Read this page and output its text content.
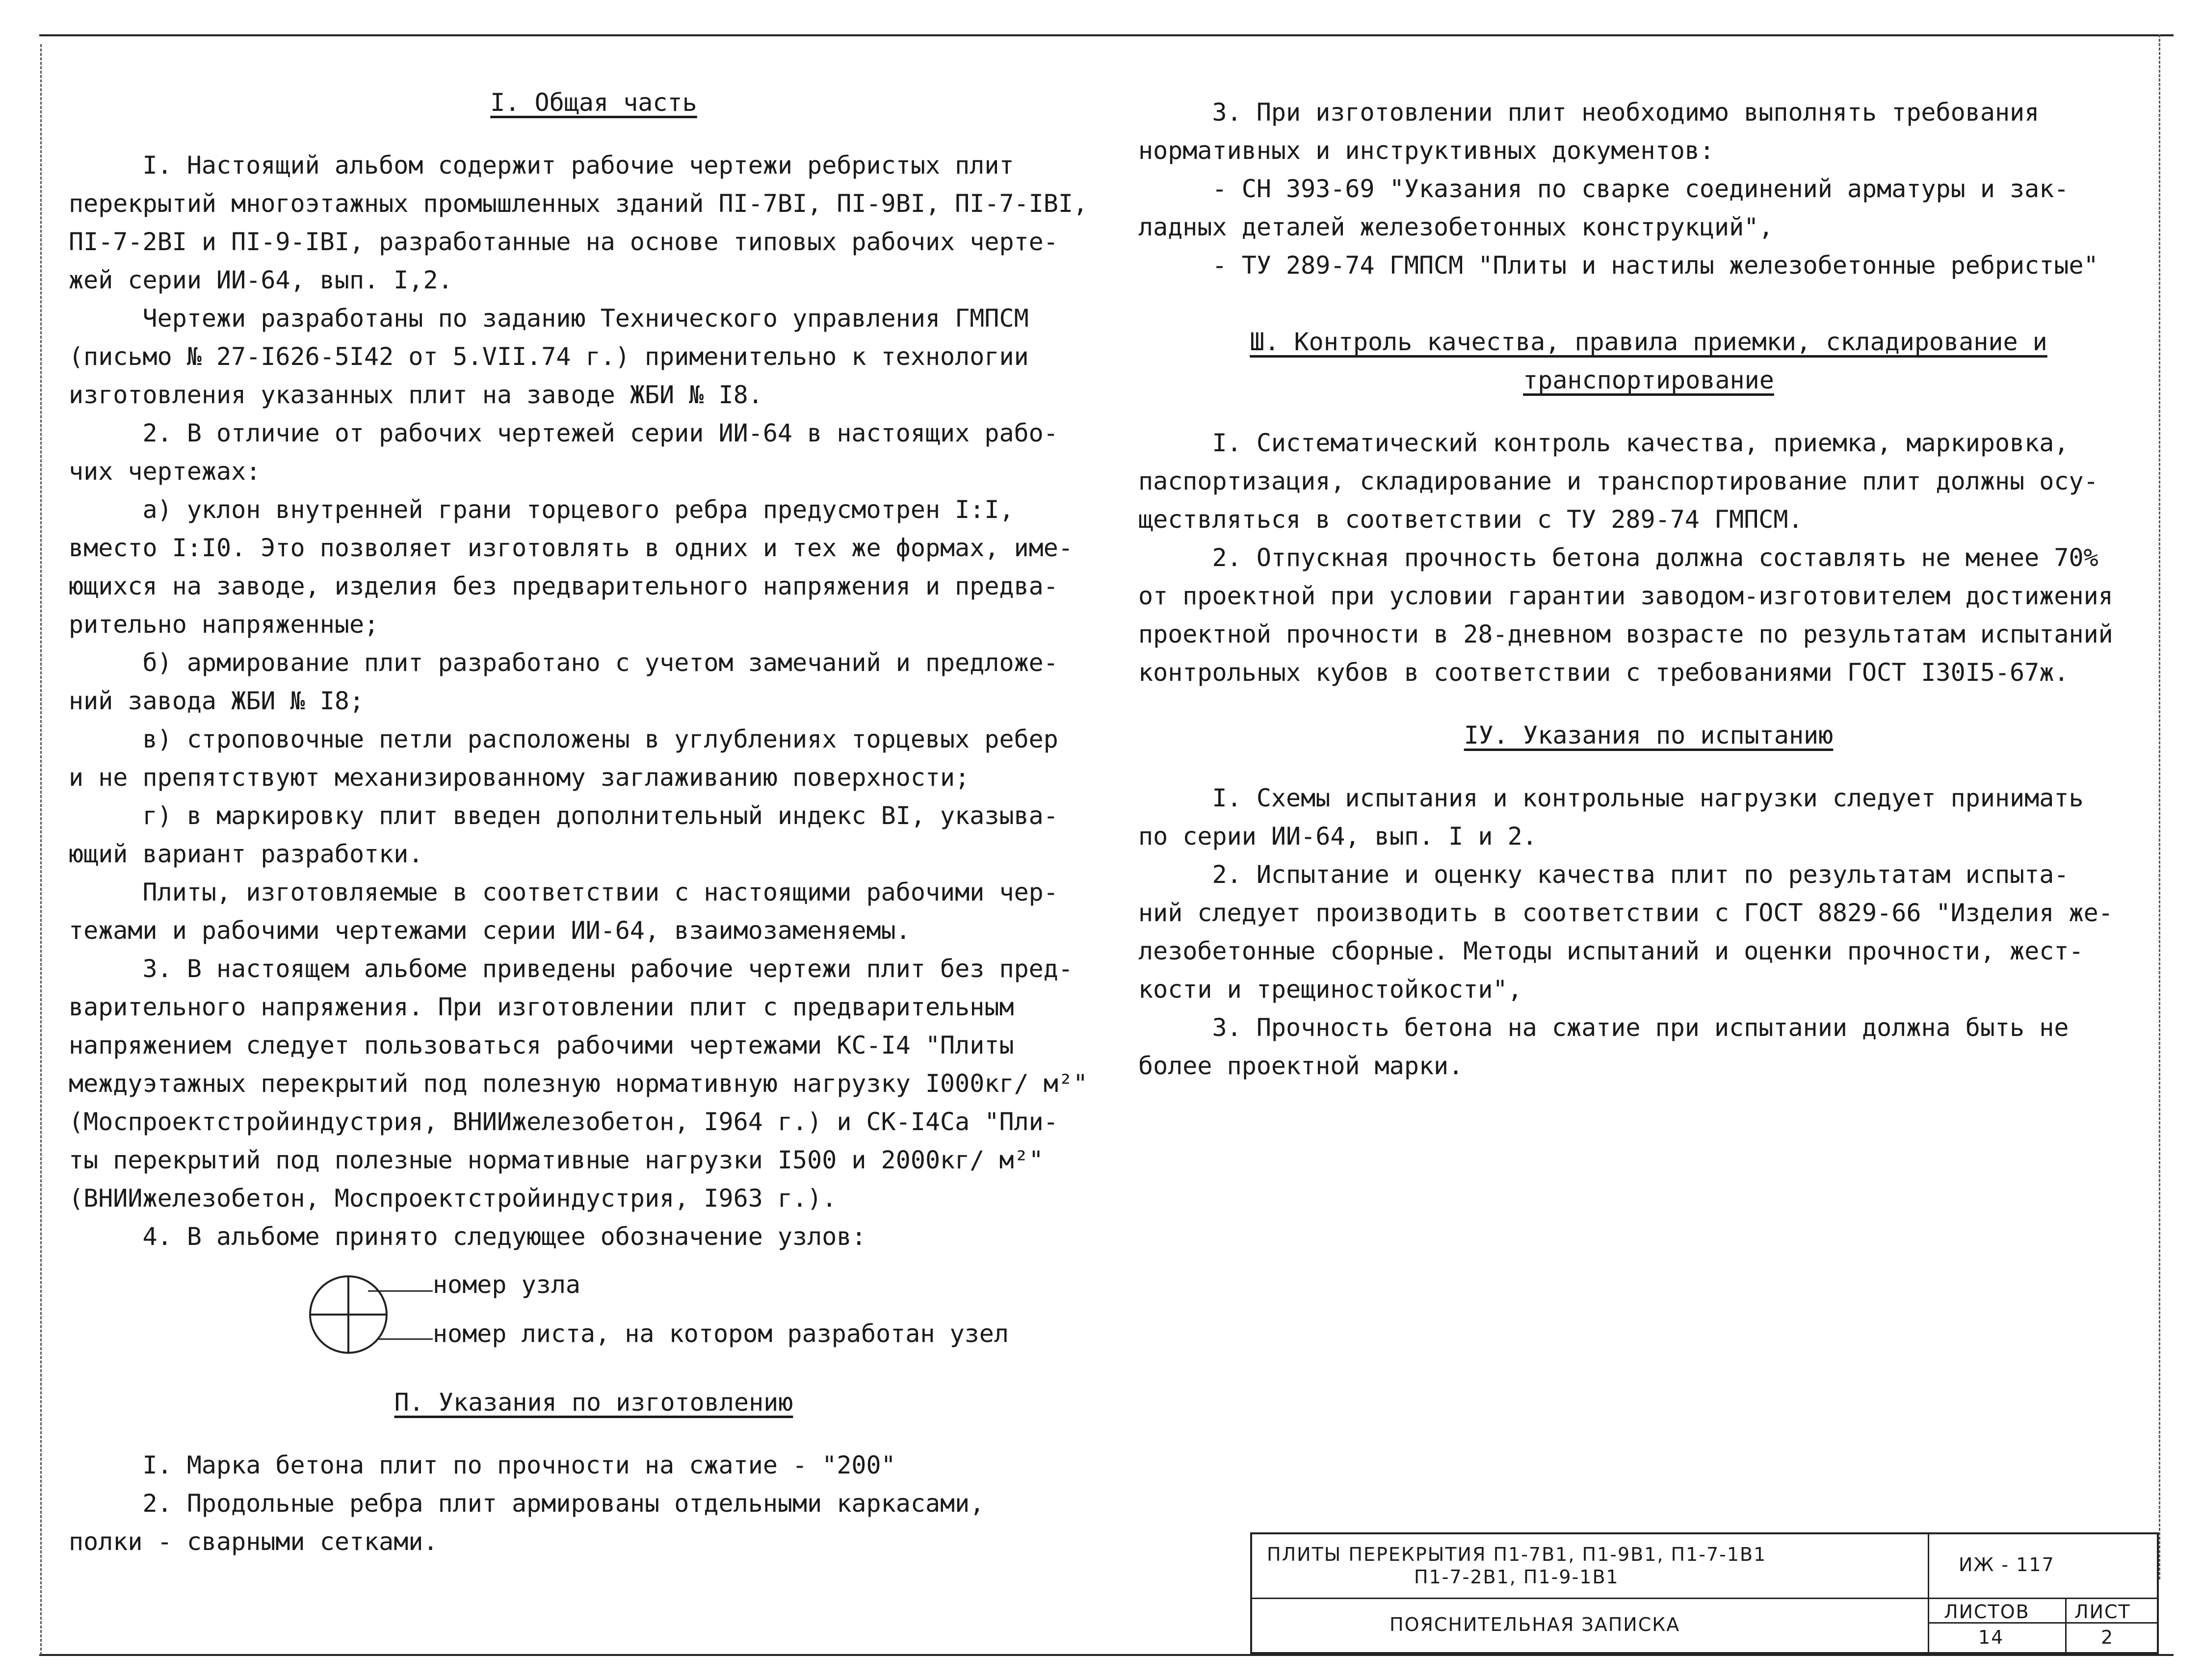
I. Общая часть

I. Настоящий альбом содержит рабочие чертежи ребристых плит

перекрытий многоэтажных промышленных зданий ПI-7ВI, ПI-9ВI, ПI-7-IВI,

ПI-7-2ВI и ПI-9-IВI, разработанные на основе типовых рабочих черте-

жей серии ИИ-64, вып. I,2.

Чертежи разработаны по заданию Технического управления ГМПСМ

(письмо № 27-I626-5I42 от 5.VII.74 г.) применительно к технологии

изготовления указанных плит на заводе ЖБИ № I8.

2. В отличие от рабочих чертежей серии ИИ-64 в настоящих рабо-

чих чертежах:

а) уклон внутренней грани торцевого ребра предусмотрен I:I,

вместо I:I0. Это позволяет изготовлять в одних и тех же формах, име-

ющихся на заводе, изделия без предварительного напряжения и предва-

рительно напряженные;

б) армирование плит разработано с учетом замечаний и предложе-

ний завода ЖБИ № I8;

в) строповочные петли расположены в углублениях торцевых ребер

и не препятствуют механизированному заглаживанию поверхности;

г) в маркировку плит введен дополнительный индекс ВI, указыва-

ющий вариант разработки.

Плиты, изготовляемые в соответствии с настоящими рабочими чер-

тежами и рабочими чертежами серии ИИ-64, взаимозаменяемы.

3. В настоящем альбоме приведены рабочие чертежи плит без пред-

варительного напряжения. При изготовлении плит с предварительным

напряжением следует пользоваться рабочими чертежами КС-I4 "Плиты

междуэтажных перекрытий под полезную нормативную нагрузку I000кг/ м²"

(Моспроектстройиндустрия, ВНИИжелезобетон, I964 г.) и СК-I4Са "Пли-

ты перекрытий под полезные нормативные нагрузки I500 и 2000кг/ м²"

(ВНИИжелезобетон, Моспроектстройиндустрия, I963 г.).

4. В альбоме принято следующее обозначение узлов:

номер узла
номер листа, на котором разработан узел

П. Указания по изготовлению

I. Марка бетона плит по прочности на сжатие - "200"

2. Продольные ребра плит армированы отдельными каркасами,

полки - сварными сетками.

3. При изготовлении плит необходимо выполнять требования

нормативных и инструктивных документов:

- СН 393-69 "Указания по сварке соединений арматуры и зак-

ладных деталей железобетонных конструкций",

- ТУ 289-74 ГМПСМ "Плиты и настилы железобетонные ребристые"

Ш. Контроль качества, правила приемки, складирование и

транспортирование

I. Систематический контроль качества, приемка, маркировка,

паспортизация, складирование и транспортирование плит должны осу-

ществляться в соответствии с ТУ 289-74 ГМПСМ.

2. Отпускная прочность бетона должна составлять не менее 70%

от проектной при условии гарантии заводом-изготовителем достижения

проектной прочности в 28-дневном возрасте по результатам испытаний

контрольных кубов в соответствии с требованиями ГОСТ I30I5-67ж.

IУ. Указания по испытанию

I. Схемы испытания и контрольные нагрузки следует принимать

по серии ИИ-64, вып. I и 2.

2. Испытание и оценку качества плит по результатам испыта-

ний следует производить в соответствии с ГОСТ 8829-66 "Изделия же-

лезобетонные сборные. Методы испытаний и оценки прочности, жест-

кости и трещиностойкости",

3. Прочность бетона на сжатие при испытании должна быть не

более проектной марки.

ПЛИТЫ ПЕРЕКРЫТИЯ П1-7В1, П1-9В1, П1-7-1В1
П1-7-2В1, П1-9-1В1
ИЖ - 117
ПОЯСНИТЕЛЬНАЯ ЗАПИСКА
ЛИСТОВ	ЛИСТ
14	2
